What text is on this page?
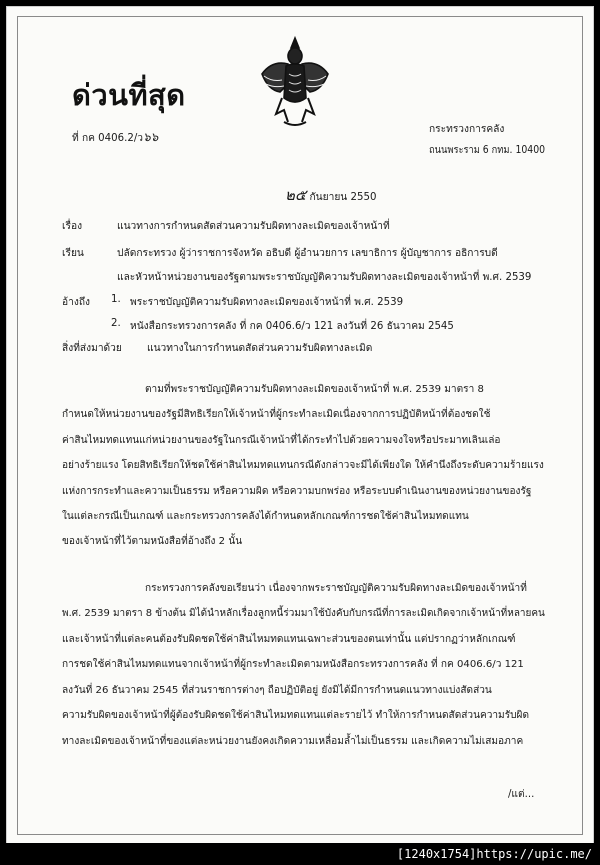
ด่วนที่สุด
ที่ กค 0406.2/ว๖๖
กระทรวงการคลัง
ถนนพระราม 6 กทม. 10400
๒๕ กันยายน 2550
เรื่อง	แนวทางการกำหนดสัดส่วนความรับผิดทางละเมิดของเจ้าหน้าที่
เรียน	ปลัดกระทรวง ผู้ว่าราชการจังหวัด อธิบดี ผู้อำนวยการ เลขาธิการ ผู้บัญชาการ อธิการบดี
และหัวหน้าหน่วยงานของรัฐตามพระราชบัญญัติความรับผิดทางละเมิดของเจ้าหน้าที่ พ.ศ. 2539
อ้างถึง 1. พระราชบัญญัติความรับผิดทางละเมิดของเจ้าหน้าที่ พ.ศ. 2539
2. หนังสือกระทรวงการคลัง ที่ กค 0406.6/ว 121 ลงวันที่ 26 ธันวาคม 2545
สิ่งที่ส่งมาด้วย แนวทางในการกำหนดสัดส่วนความรับผิดทางละเมิด
ตามที่พระราชบัญญัติความรับผิดทางละเมิดของเจ้าหน้าที่ พ.ศ. 2539 มาตรา 8
กำหนดให้หน่วยงานของรัฐมีสิทธิเรียกให้เจ้าหน้าที่ผู้กระทำละเมิดเนื่องจากการปฏิบัติหน้าที่ต้องชดใช้
ค่าสินไหมทดแทนแก่หน่วยงานของรัฐในกรณีเจ้าหน้าที่ได้กระทำไปด้วยความจงใจหรือประมาทเลินเล่อ
อย่างร้ายแรง โดยสิทธิเรียกให้ชดใช้ค่าสินไหมทดแทนกรณีดังกล่าวจะมีได้เพียงใด ให้คำนึงถึงระดับความร้ายแรง
แห่งการกระทำและความเป็นธรรม หรือความผิด หรือความบกพร่อง หรือระบบดำเนินงานของหน่วยงานของรัฐ
ในแต่ละกรณีเป็นเกณฑ์ และกระทรวงการคลังได้กำหนดหลักเกณฑ์การชดใช้ค่าสินไหมทดแทน
ของเจ้าหน้าที่ไว้ตามหนังสือที่อ้างถึง 2 นั้น
กระทรวงการคลังขอเรียนว่า เนื่องจากพระราชบัญญัติความรับผิดทางละเมิดของเจ้าหน้าที่
พ.ศ. 2539 มาตรา 8 ข้างต้น มิได้นำหลักเรื่องลูกหนี้ร่วมมาใช้บังคับกับกรณีที่การละเมิดเกิดจากเจ้าหน้าที่หลายคน
และเจ้าหน้าที่แต่ละคนต้องรับผิดชดใช้ค่าสินไหมทดแทนเฉพาะส่วนของตนเท่านั้น แต่ปรากฏว่าหลักเกณฑ์
การชดใช้ค่าสินไหมทดแทนจากเจ้าหน้าที่ผู้กระทำละเมิดตามหนังสือกระทรวงการคลัง ที่ กค 0406.6/ว 121
ลงวันที่ 26 ธันวาคม 2545 ที่ส่วนราชการต่างๆ ถือปฏิบัติอยู่ ยังมิได้มีการกำหนดแนวทางแบ่งสัดส่วน
ความรับผิดของเจ้าหน้าที่ผู้ต้องรับผิดชดใช้ค่าสินไหมทดแทนแต่ละรายไว้ ทำให้การกำหนดสัดส่วนความรับผิด
ทางละเมิดของเจ้าหน้าที่ของแต่ละหน่วยงานยังคงเกิดความเหลื่อมล้ำไม่เป็นธรรม และเกิดความไม่เสมอภาค
/แต่...
[1240x1754]https://upic.me/
